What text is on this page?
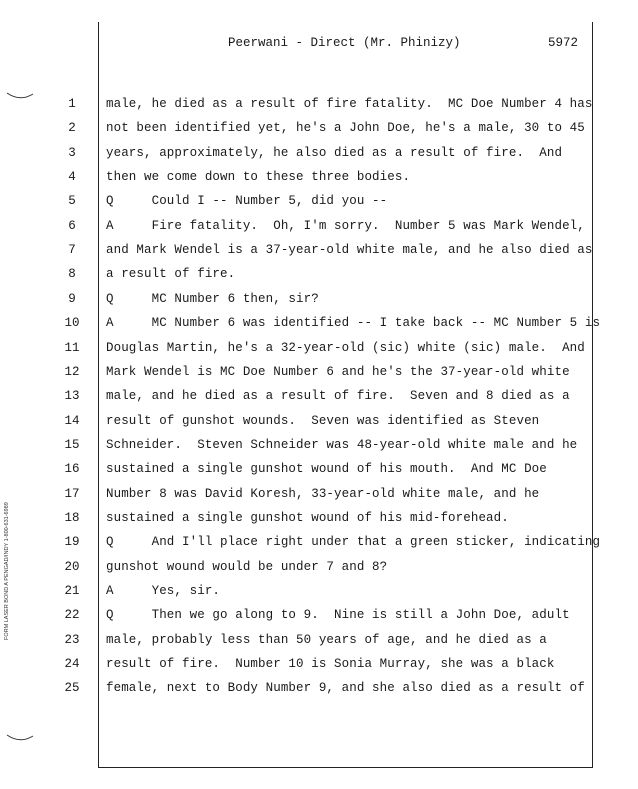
FORM LASER BOND A PENGAD/INDY 1-800-631-6989
Peerwani - Direct (Mr. Phinizy)	5972
1	male, he died as a result of fire fatality.  MC Doe Number 4 has
2	not been identified yet, he's a John Doe, he's a male, 30 to 45
3	years, approximately, he also died as a result of fire.  And
4	then we come down to these three bodies.
5	Q     Could I -- Number 5, did you --
6	A     Fire fatality.  Oh, I'm sorry.  Number 5 was Mark Wendel,
7	and Mark Wendel is a 37-year-old white male, and he also died as
8	a result of fire.
9	Q     MC Number 6 then, sir?
10	A     MC Number 6 was identified -- I take back -- MC Number 5 is
11	Douglas Martin, he's a 32-year-old (sic) white (sic) male.  And
12	Mark Wendel is MC Doe Number 6 and he's the 37-year-old white
13	male, and he died as a result of fire.  Seven and 8 died as a
14	result of gunshot wounds.  Seven was identified as Steven
15	Schneider.  Steven Schneider was 48-year-old white male and he
16	sustained a single gunshot wound of his mouth.  And MC Doe
17	Number 8 was David Koresh, 33-year-old white male, and he
18	sustained a single gunshot wound of his mid-forehead.
19	Q     And I'll place right under that a green sticker, indicating
20	gunshot wound would be under 7 and 8?
21	A     Yes, sir.
22	Q     Then we go along to 9.  Nine is still a John Doe, adult
23	male, probably less than 50 years of age, and he died as a
24	result of fire.  Number 10 is Sonia Murray, she was a black
25	female, next to Body Number 9, and she also died as a result of
